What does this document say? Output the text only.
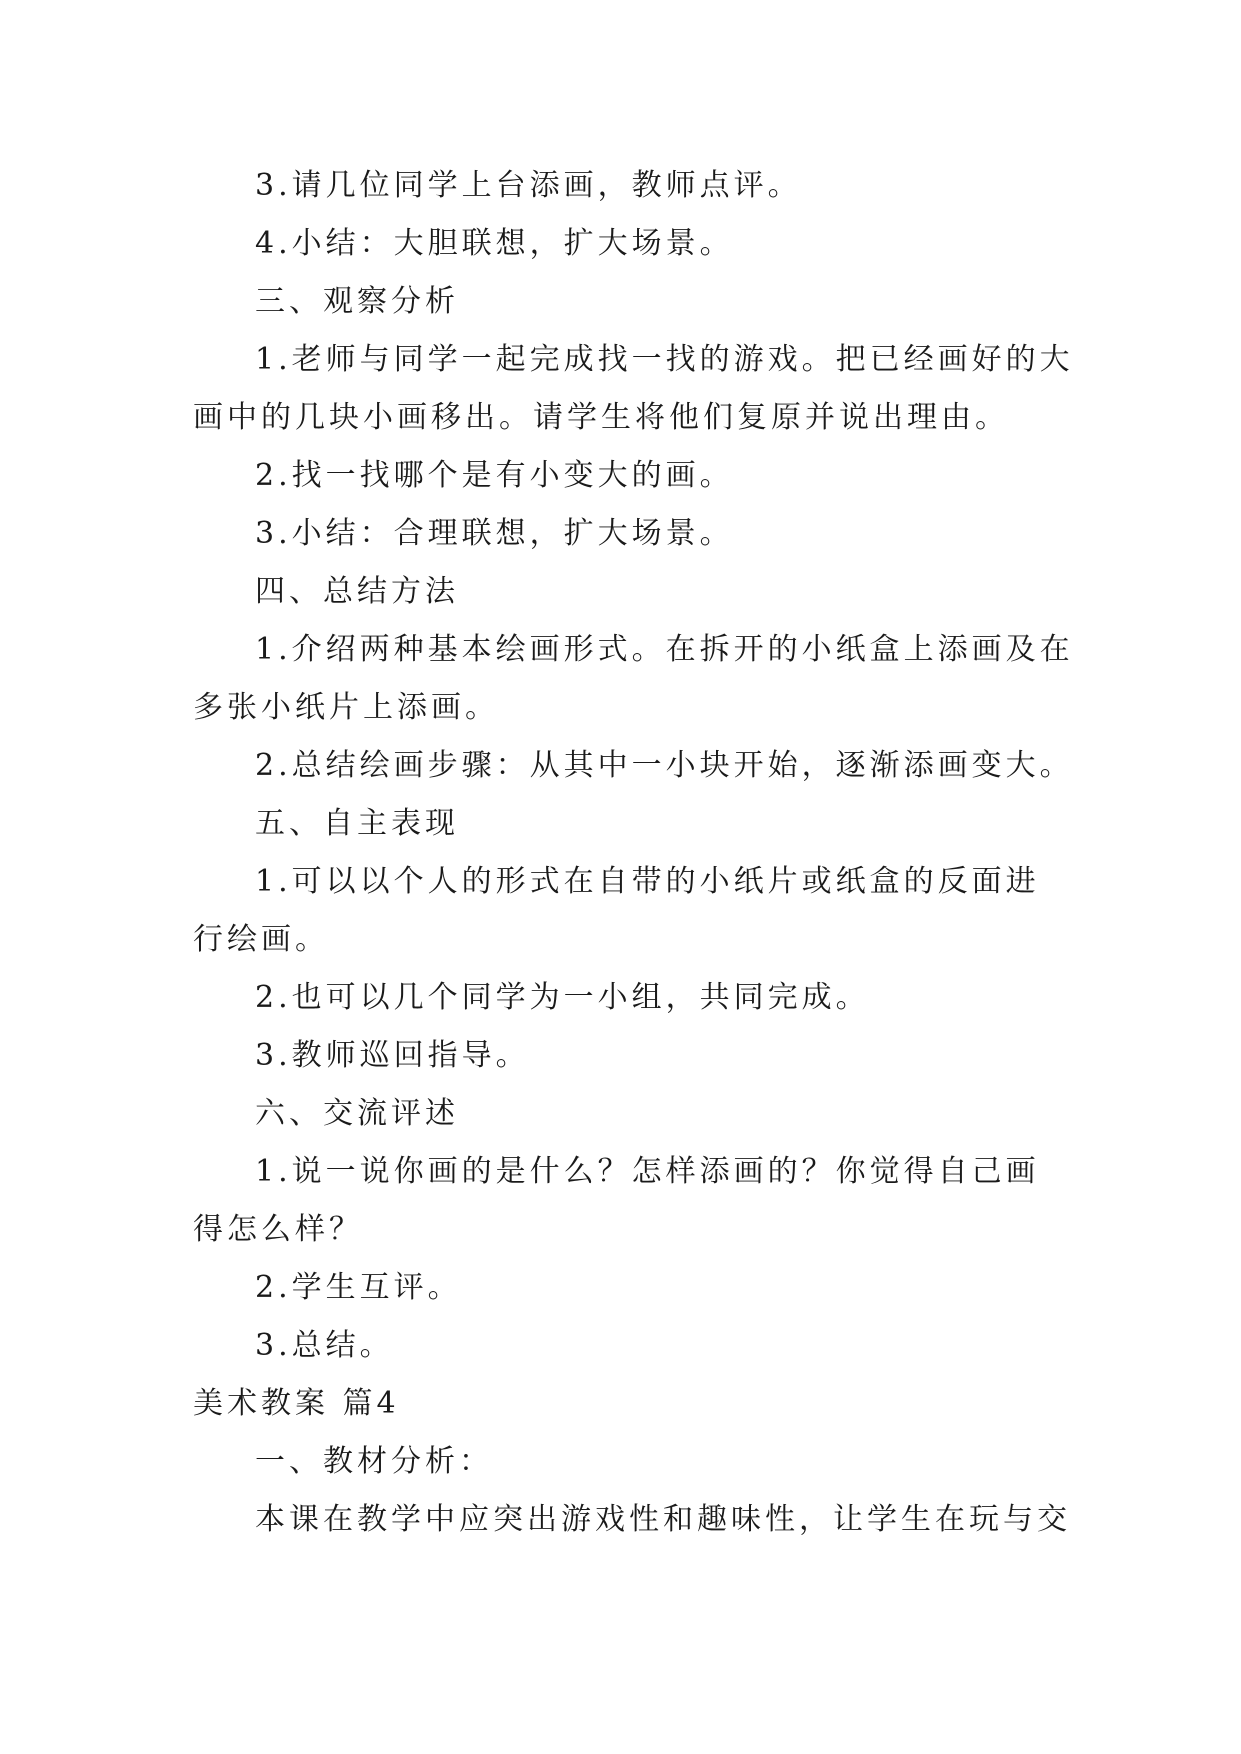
3.请几位同学上台添画，教师点评。
4.小结：大胆联想，扩大场景。
三、观察分析
1.老师与同学一起完成找一找的游戏。把已经画好的大
画中的几块小画移出。请学生将他们复原并说出理由。
2.找一找哪个是有小变大的画。
3.小结：合理联想，扩大场景。
四、总结方法
1.介绍两种基本绘画形式。在拆开的小纸盒上添画及在
多张小纸片上添画。
2.总结绘画步骤：从其中一小块开始，逐渐添画变大。
五、自主表现
1.可以以个人的形式在自带的小纸片或纸盒的反面进
行绘画。
2.也可以几个同学为一小组，共同完成。
3.教师巡回指导。
六、交流评述
1.说一说你画的是什么？怎样添画的？你觉得自己画
得怎么样？
2.学生互评。
3.总结。
美术教案 篇4
一、教材分析：
本课在教学中应突出游戏性和趣味性，让学生在玩与交
